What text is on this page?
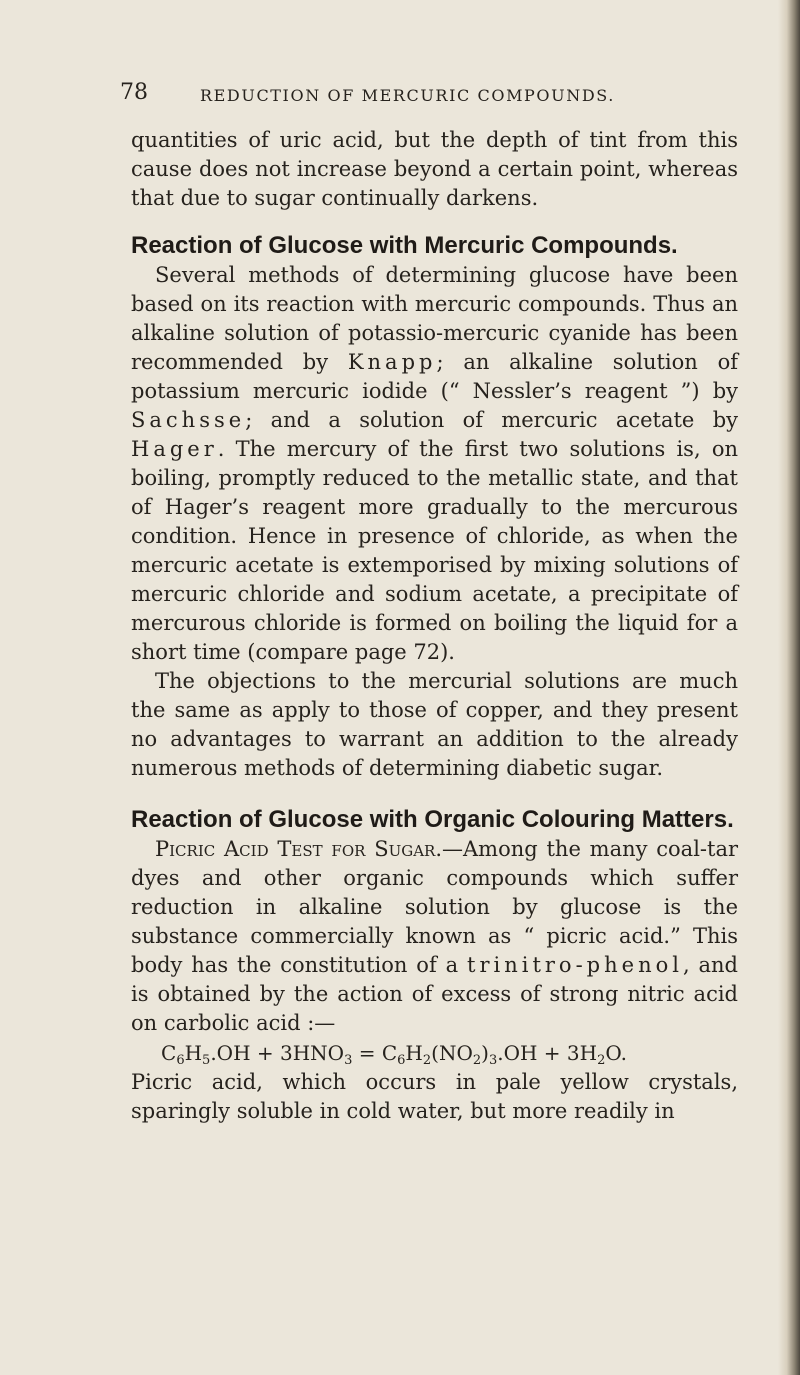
78	REDUCTION OF MERCURIC COMPOUNDS.

quantities of uric acid, but the depth of tint from this cause does not increase beyond a certain point, whereas that due to sugar continually darkens.

Reaction of Glucose with Mercuric Compounds.

Several methods of determining glucose have been based on its reaction with mercuric compounds. Thus an alkaline solution of potassio-mercuric cyanide has been recommended by Knapp; an alkaline solution of potassium mercuric iodide (“ Nessler’s reagent ”) by Sachsse; and a solution of mercuric acetate by Hager. The mercury of the first two solutions is, on boiling, promptly reduced to the metallic state, and that of Hager’s reagent more gradually to the mercurous condition. Hence in presence of chloride, as when the mercuric acetate is extemporised by mixing solutions of mercuric chloride and sodium acetate, a precipitate of mercurous chloride is formed on boiling the liquid for a short time (compare page 72).

The objections to the mercurial solutions are much the same as apply to those of copper, and they present no advantages to warrant an addition to the already numerous methods of determining diabetic sugar.

Reaction of Glucose with Organic Colouring Matters.

Picric Acid Test for Sugar.—Among the many coal-tar dyes and other organic compounds which suffer reduction in alkaline solution by glucose is the substance commercially known as “ picric acid.” This body has the constitution of a trinitro-phenol, and is obtained by the action of excess of strong nitric acid on carbolic acid :—

$C_6H_5.OH + 3HNO_3 = C_6H_2(NO_2)_3.OH + 3H_2O$.

Picric acid, which occurs in pale yellow crystals, sparingly soluble in cold water, but more readily in
